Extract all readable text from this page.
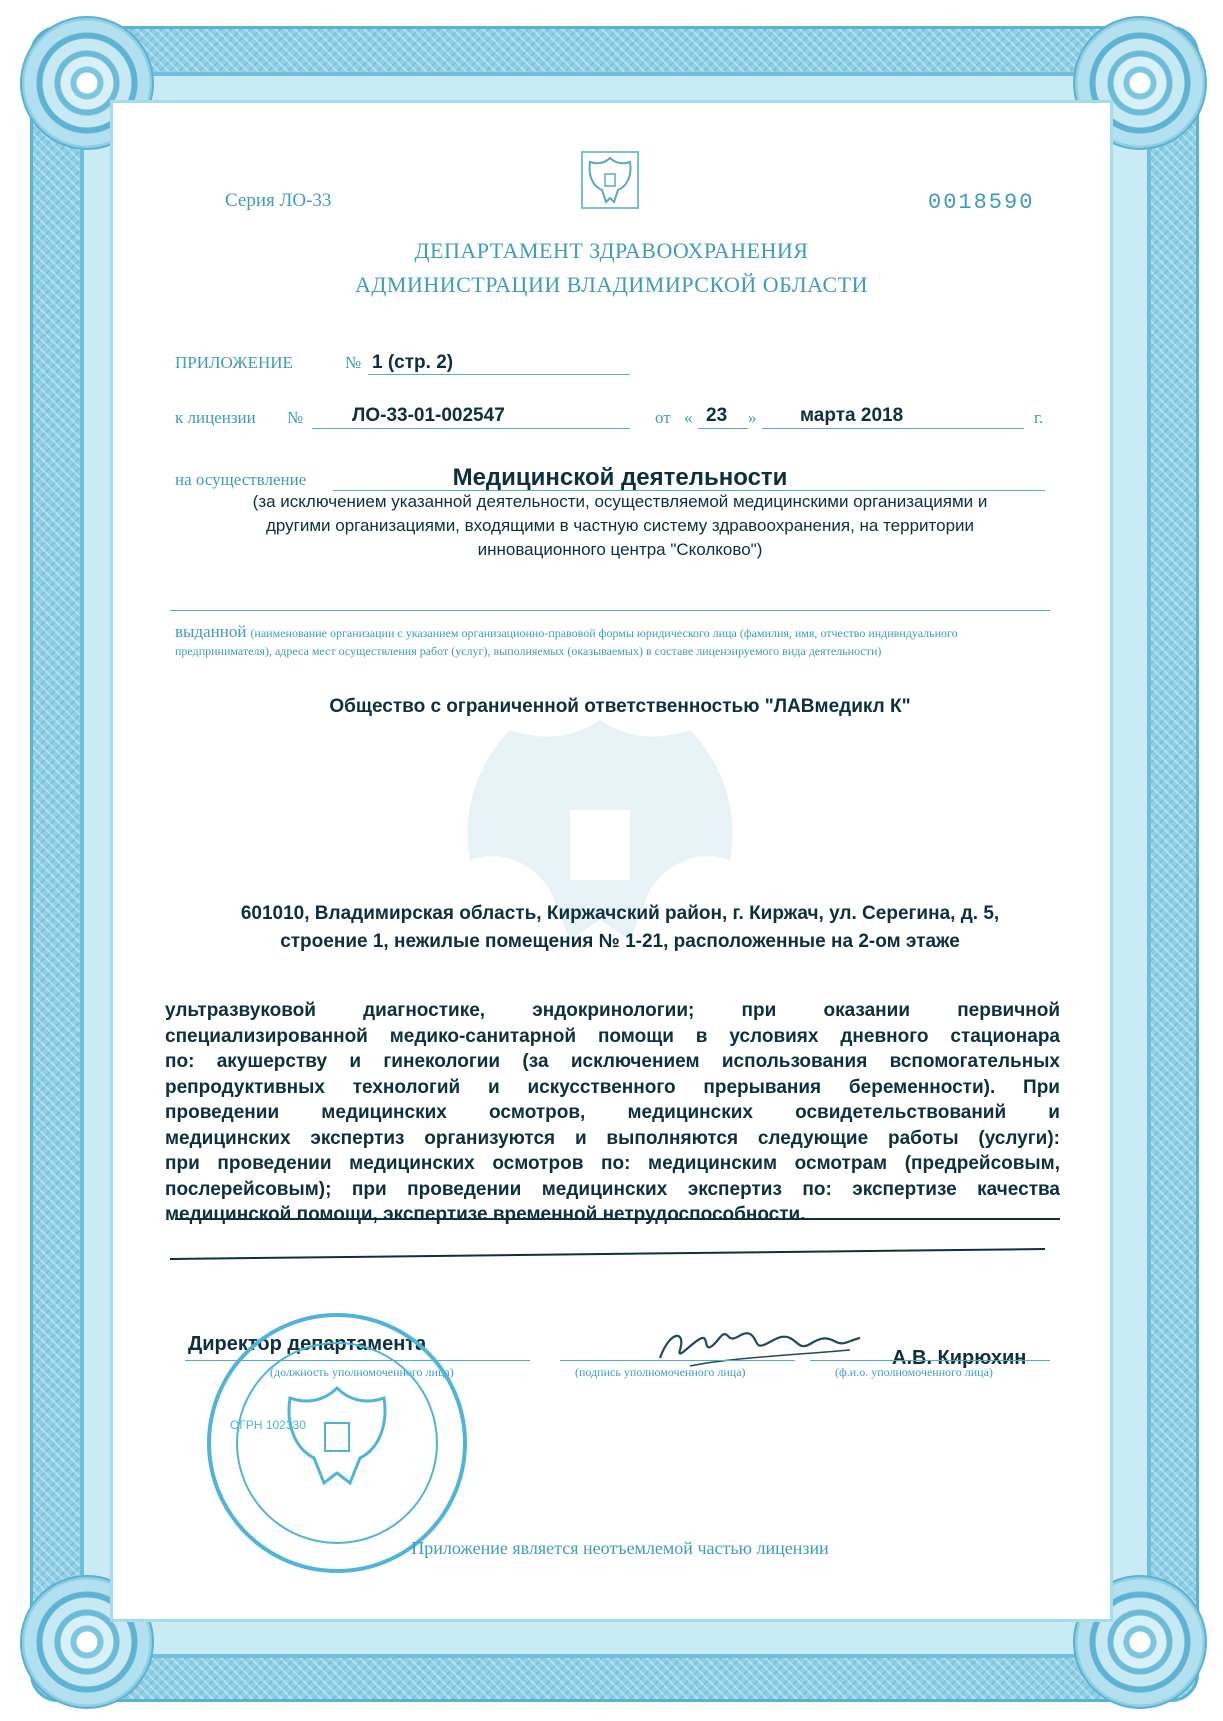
Серия ЛО-33	0018590
ДЕПАРТАМЕНТ ЗДРАВООХРАНЕНИЯ
АДМИНИСТРАЦИИ ВЛАДИМИРСКОЙ ОБЛАСТИ
ПРИЛОЖЕНИЕ	№ 1 (стр. 2)
к лицензии №	ЛО-33-01-002547	от « 23 » марта 2018	г.
на осуществление	Медицинской деятельности
(за исключением указанной деятельности, осуществляемой медицинскими организациями и
другими организациями, входящими в частную систему здравоохранения, на территории
инновационного центра "Сколково")
выданной (наименование организации с указанием организационно-правовой формы юридического лица (фамилия, имя, отчество индивидуального предпринимателя), адреса мест осуществления работ (услуг), выполняемых (оказываемых) в составе лицензируемого вида деятельности)
Общество с ограниченной ответственностью "ЛАВмедикл К"
601010, Владимирская область, Киржачский район, г. Киржач, ул. Серегина, д. 5,
строение 1, нежилые помещения № 1-21, расположенные на 2-ом этаже
ультразвуковой диагностике, эндокринологии; при оказании первичной
специализированной медико-санитарной помощи в условиях дневного стационара
по: акушерству и гинекологии (за исключением использования вспомогательных
репродуктивных технологий и искусственного прерывания беременности). При
проведении медицинских осмотров, медицинских освидетельствований и
медицинских экспертиз организуются и выполняются следующие работы (услуги):
при проведении медицинских осмотров по: медицинским осмотрам (предрейсовым,
послерейсовым); при проведении медицинских экспертиз по: экспертизе качества
медицинской помощи, экспертизе временной нетрудоспособности.
Директор департамента
(должность уполномоченного лица)	(подпись уполномоченного лица)
А.В. Кирюхин
(ф.и.о. уполномоченного лица)
ОГРН 102330
Приложение является неотъемлемой частью лицензии
